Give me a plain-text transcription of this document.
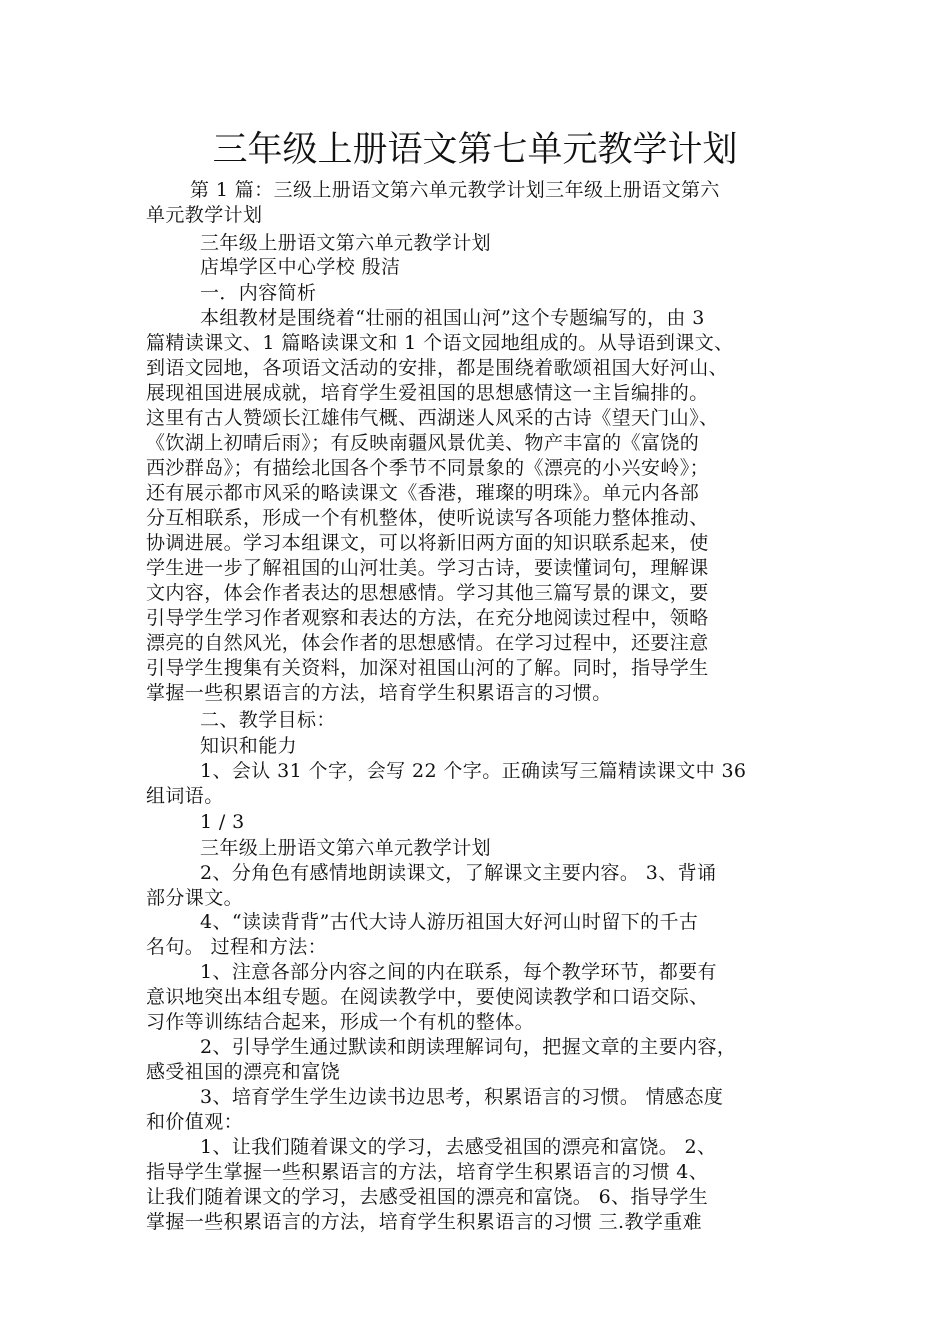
三年级上册语文第七单元教学计划
第 1 篇：三级上册语文第六单元教学计划三年级上册语文第六
单元教学计划
三年级上册语文第六单元教学计划
店埠学区中心学校 殷洁
一．内容简析
本组教材是围绕着“壮丽的祖国山河”这个专题编写的，由 3
篇精读课文、1 篇略读课文和 1 个语文园地组成的。从导语到课文、
到语文园地，各项语文活动的安排，都是围绕着歌颂祖国大好河山、
展现祖国进展成就，培育学生爱祖国的思想感情这一主旨编排的。
这里有古人赞颂长江雄伟气概、西湖迷人风采的古诗《望天门山》、
《饮湖上初晴后雨》；有反映南疆风景优美、物产丰富的《富饶的
西沙群岛》；有描绘北国各个季节不同景象的《漂亮的小兴安岭》；
还有展示都市风采的略读课文《香港，璀璨的明珠》。单元内各部
分互相联系，形成一个有机整体，使听说读写各项能力整体推动、
协调进展。学习本组课文，可以将新旧两方面的知识联系起来，使
学生进一步了解祖国的山河壮美。学习古诗，要读懂词句，理解课
文内容，体会作者表达的思想感情。学习其他三篇写景的课文，要
引导学生学习作者观察和表达的方法，在充分地阅读过程中，领略
漂亮的自然风光，体会作者的思想感情。在学习过程中，还要注意
引导学生搜集有关资料，加深对祖国山河的了解。同时，指导学生
掌握一些积累语言的方法，培育学生积累语言的习惯。
二、教学目标：
知识和能力
1、会认 31 个字，会写 22 个字。正确读写三篇精读课文中 36
组词语。
1 / 3
三年级上册语文第六单元教学计划
2、分角色有感情地朗读课文，了解课文主要内容。 3、背诵
部分课文。
4、“读读背背”古代大诗人游历祖国大好河山时留下的千古
名句。 过程和方法：
1、注意各部分内容之间的内在联系，每个教学环节，都要有
意识地突出本组专题。在阅读教学中，要使阅读教学和口语交际、
习作等训练结合起来，形成一个有机的整体。
2、引导学生通过默读和朗读理解词句，把握文章的主要内容，
感受祖国的漂亮和富饶
3、培育学生学生边读书边思考，积累语言的习惯。 情感态度
和价值观：
1、让我们随着课文的学习，去感受祖国的漂亮和富饶。 2、
指导学生掌握一些积累语言的方法，培育学生积累语言的习惯 4、
让我们随着课文的学习，去感受祖国的漂亮和富饶。 6、指导学生
掌握一些积累语言的方法，培育学生积累语言的习惯 三.教学重难
